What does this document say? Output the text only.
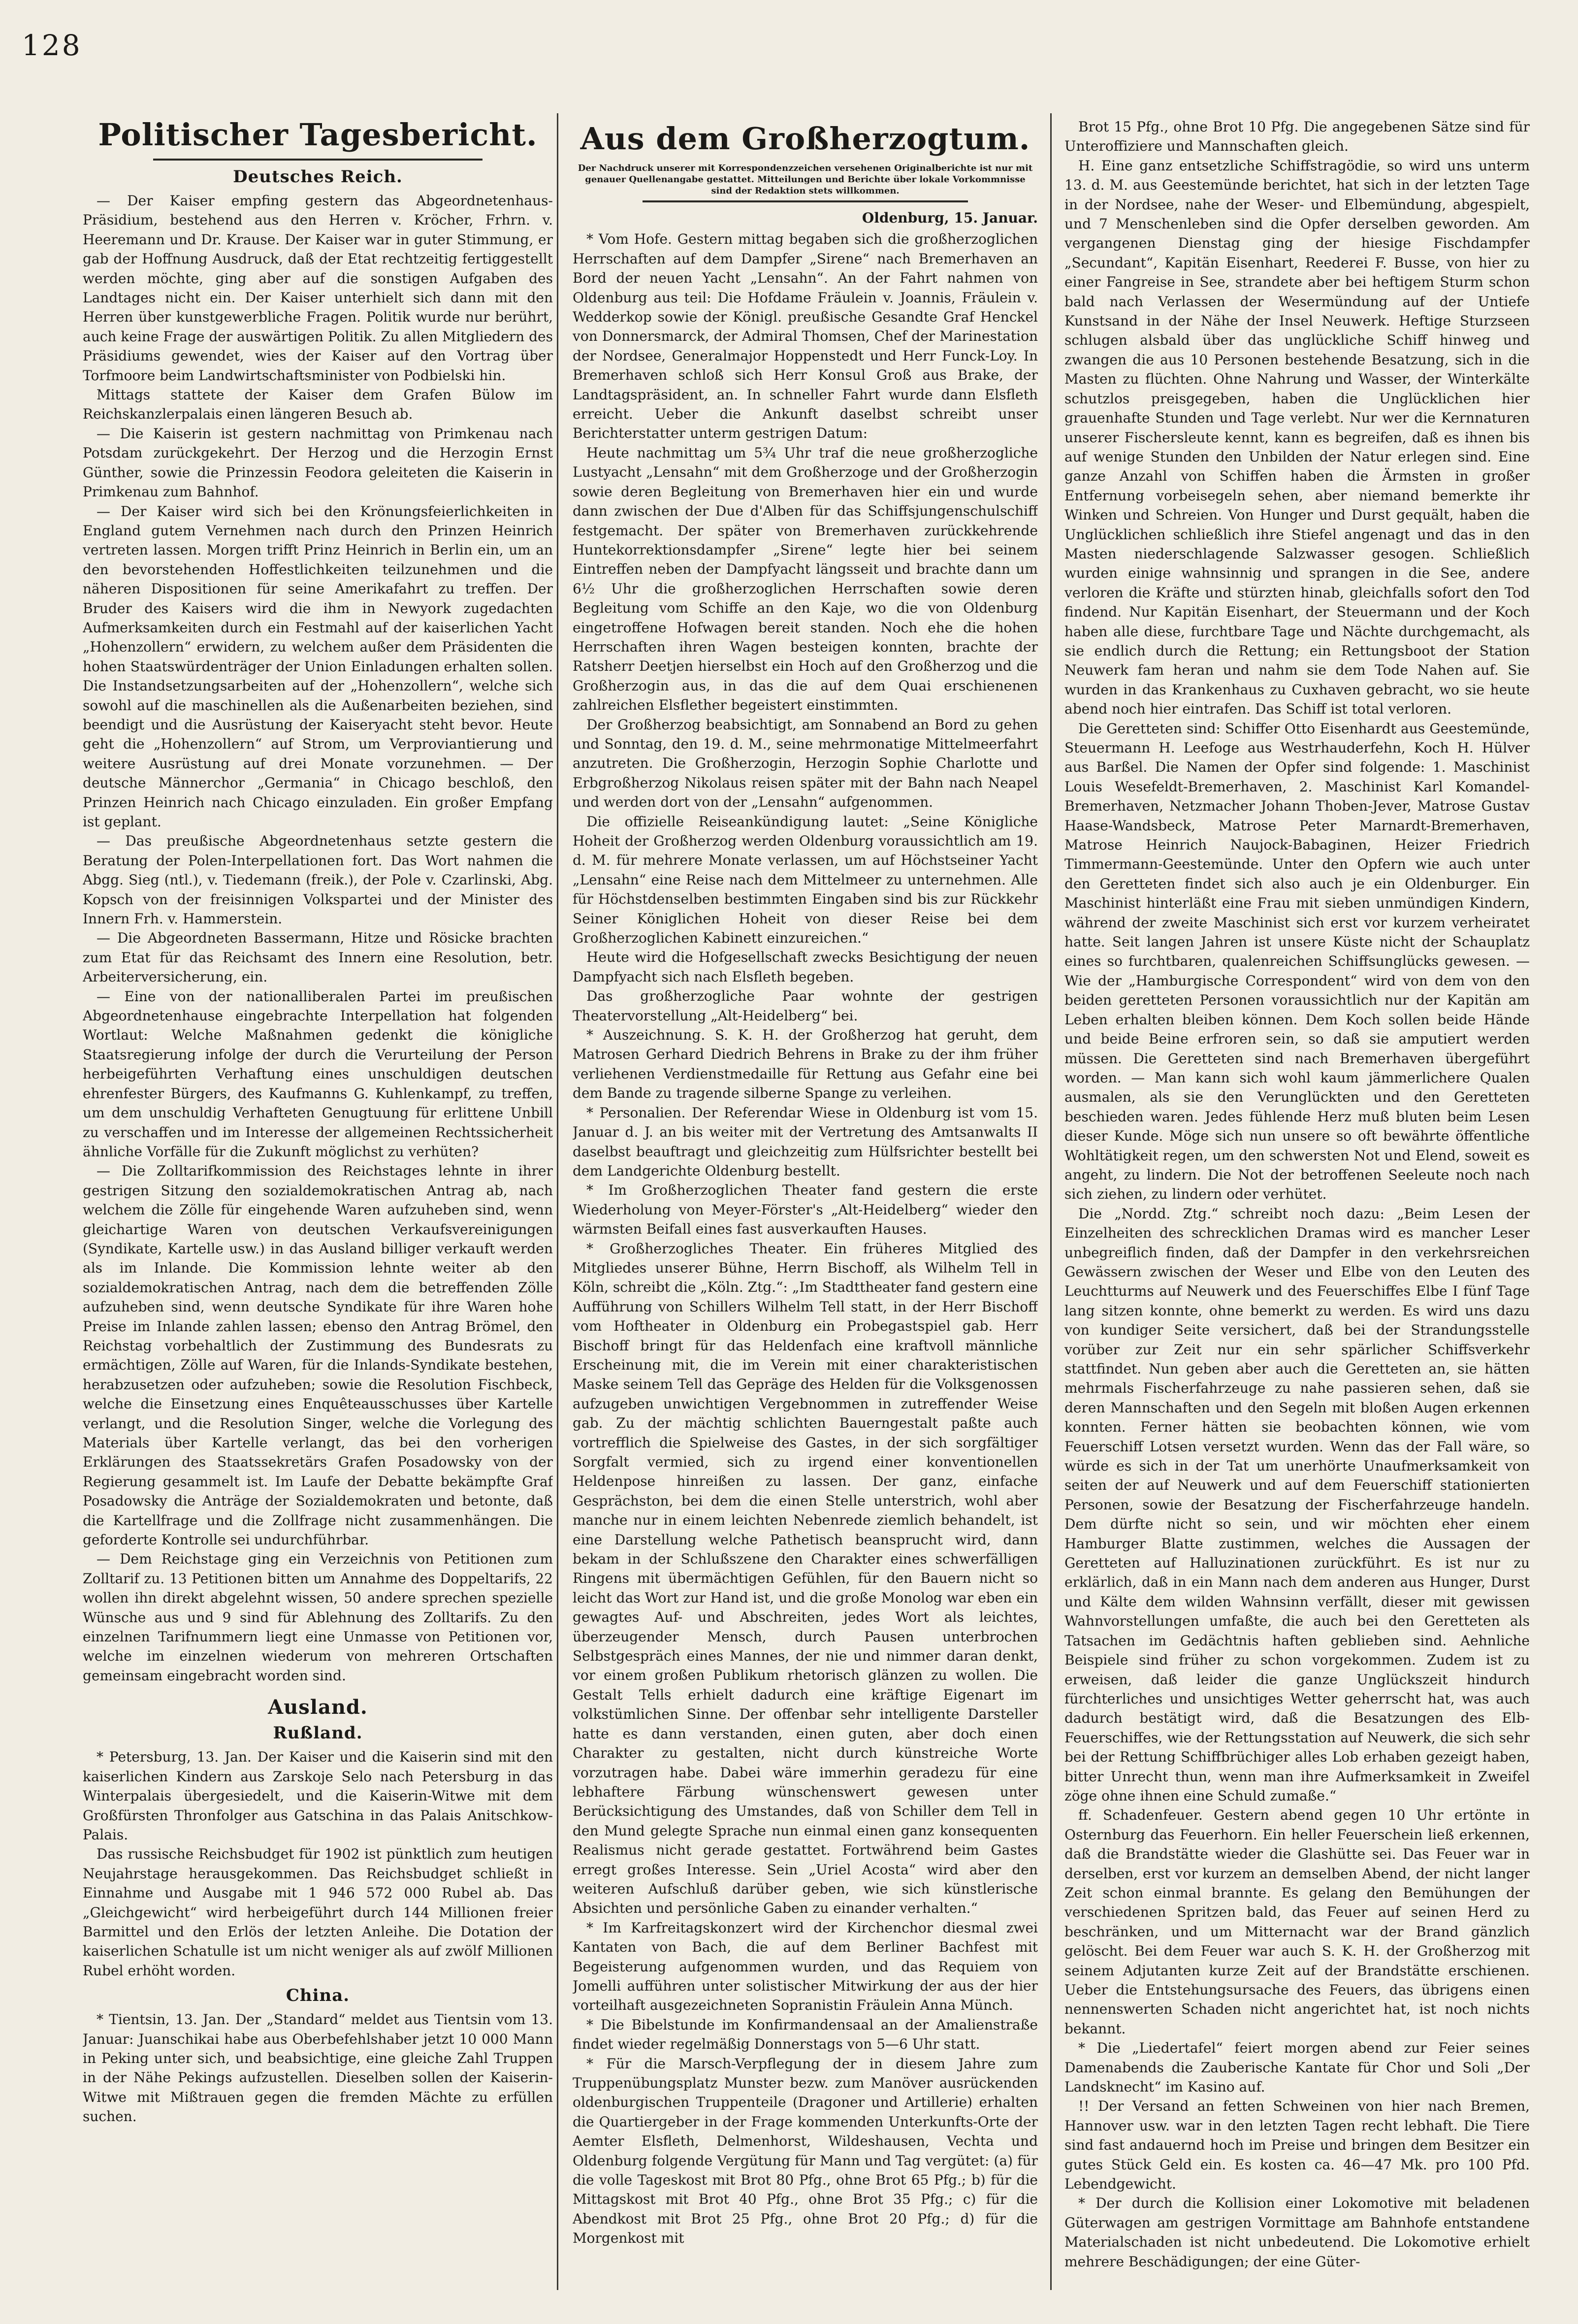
128
Politischer Tagesbericht.
Deutsches Reich.

— Der Kaiser empfing gestern das Abgeordnetenhaus-Präsidium, bestehend aus den Herren v. Kröcher, Frhrn. v. Heeremann und Dr. Krause. Der Kaiser war in guter Stimmung, er gab der Hoffnung Ausdruck, daß der Etat rechtzeitig fertiggestellt werden möchte, ging aber auf die sonstigen Aufgaben des Landtages nicht ein. Der Kaiser unterhielt sich dann mit den Herren über kunstgewerbliche Fragen. Politik wurde nur berührt, auch keine Frage der auswärtigen Politik. Zu allen Mitgliedern des Präsidiums gewendet, wies der Kaiser auf den Vortrag über Torfmoore beim Landwirtschaftsminister von Podbielski hin.

Mittags stattete der Kaiser dem Grafen Bülow im Reichskanzlerpalais einen längeren Besuch ab.

— Die Kaiserin ist gestern nachmittag von Primkenau nach Potsdam zurückgekehrt. Der Herzog und die Herzogin Ernst Günther, sowie die Prinzessin Feodora geleiteten die Kaiserin in Primkenau zum Bahnhof.

— Der Kaiser wird sich bei den Krönungsfeierlichkeiten in England gutem Vernehmen nach durch den Prinzen Heinrich vertreten lassen. Morgen trifft Prinz Heinrich in Berlin ein, um an den bevorstehenden Hoffestlichkeiten teilzunehmen und die näheren Dispositionen für seine Amerikafahrt zu treffen. Der Bruder des Kaisers wird die ihm in Newyork zugedachten Aufmerksamkeiten durch ein Festmahl auf der kaiserlichen Yacht „Hohenzollern“ erwidern, zu welchem außer dem Präsidenten die hohen Staatswürdenträger der Union Einladungen erhalten sollen. Die Instandsetzungsarbeiten auf der „Hohenzollern“, welche sich sowohl auf die maschinellen als die Außenarbeiten beziehen, sind beendigt und die Ausrüstung der Kaiseryacht steht bevor. Heute geht die „Hohenzollern“ auf Strom, um Verproviantierung und weitere Ausrüstung auf drei Monate vorzunehmen. — Der deutsche Männerchor „Germania“ in Chicago beschloß, den Prinzen Heinrich nach Chicago einzuladen. Ein großer Empfang ist geplant.

— Das preußische Abgeordnetenhaus setzte gestern die Beratung der Polen-Interpellationen fort. Das Wort nahmen die Abgg. Sieg (ntl.), v. Tiedemann (freik.), der Pole v. Czarlinski, Abg. Kopsch von der freisinnigen Volkspartei und der Minister des Innern Frh. v. Hammerstein.

— Die Abgeordneten Bassermann, Hitze und Rösicke brachten zum Etat für das Reichsamt des Innern eine Resolution, betr. Arbeiterversicherung, ein.

— Eine von der nationalliberalen Partei im preußischen Abgeordnetenhause eingebrachte Interpellation hat folgenden Wortlaut: Welche Maßnahmen gedenkt die königliche Staatsregierung infolge der durch die Verurteilung der Person herbeigeführten Verhaftung eines unschuldigen deutschen ehrenfester Bürgers, des Kaufmanns G. Kuhlenkampf, zu treffen, um dem unschuldig Verhafteten Genugtuung für erlittene Unbill zu verschaffen und im Interesse der allgemeinen Rechtssicherheit ähnliche Vorfälle für die Zukunft möglichst zu verhüten?

— Die Zolltarifkommission des Reichstages lehnte in ihrer gestrigen Sitzung den sozialdemokratischen Antrag ab, nach welchem die Zölle für eingehende Waren aufzuheben sind, wenn gleichartige Waren von deutschen Verkaufsvereinigungen (Syndikate, Kartelle usw.) in das Ausland billiger verkauft werden als im Inlande. Die Kommission lehnte weiter ab den sozialdemokratischen Antrag, nach dem die betreffenden Zölle aufzuheben sind, wenn deutsche Syndikate für ihre Waren hohe Preise im Inlande zahlen lassen; ebenso den Antrag Brömel, den Reichstag vorbehaltlich der Zustimmung des Bundesrats zu ermächtigen, Zölle auf Waren, für die Inlands-Syndikate bestehen, herabzusetzen oder aufzuheben; sowie die Resolution Fischbeck, welche die Einsetzung eines Enquêteausschusses über Kartelle verlangt, und die Resolution Singer, welche die Vorlegung des Materials über Kartelle verlangt, das bei den vorherigen Erklärungen des Staatssekretärs Grafen Posadowsky von der Regierung gesammelt ist. Im Laufe der Debatte bekämpfte Graf Posadowsky die Anträge der Sozialdemokraten und betonte, daß die Kartellfrage und die Zollfrage nicht zusammenhängen. Die geforderte Kontrolle sei undurchführbar.

— Dem Reichstage ging ein Verzeichnis von Petitionen zum Zolltarif zu. 13 Petitionen bitten um Annahme des Doppeltarifs, 22 wollen ihn direkt abgelehnt wissen, 50 andere sprechen spezielle Wünsche aus und 9 sind für Ablehnung des Zolltarifs. Zu den einzelnen Tarifnummern liegt eine Unmasse von Petitionen vor, welche im einzelnen wiederum von mehreren Ortschaften gemeinsam eingebracht worden sind.

Ausland.
Rußland.

* Petersburg, 13. Jan. Der Kaiser und die Kaiserin sind mit den kaiserlichen Kindern aus Zarskoje Selo nach Petersburg in das Winterpalais übergesiedelt, und die Kaiserin-Witwe mit dem Großfürsten Thronfolger aus Gatschina in das Palais Anitschkow-Palais.

Das russische Reichsbudget für 1902 ist pünktlich zum heutigen Neujahrstage herausgekommen. Das Reichsbudget schließt in Einnahme und Ausgabe mit 1 946 572 000 Rubel ab. Das „Gleichgewicht“ wird herbeigeführt durch 144 Millionen freier Barmittel und den Erlös der letzten Anleihe. Die Dotation der kaiserlichen Schatulle ist um nicht weniger als auf zwölf Millionen Rubel erhöht worden.

China.

* Tientsin, 13. Jan. Der „Standard“ meldet aus Tientsin vom 13. Januar: Juanschikai habe aus Oberbefehlshaber jetzt 10 000 Mann in Peking unter sich, und beabsichtige, eine gleiche Zahl Truppen in der Nähe Pekings aufzustellen. Dieselben sollen der Kaiserin-Witwe mit Mißtrauen gegen die fremden Mächte zu erfüllen suchen.

Aus dem Großherzogtum.
Der Nachdruck unserer mit Korrespondenzzeichen versehenen Originalberichte ist nur mit genauer Quellenangabe gestattet. Mitteilungen und Berichte über lokale Vorkommnisse sind der Redaktion stets willkommen.
Oldenburg, 15. Januar.

* Vom Hofe. Gestern mittag begaben sich die großherzoglichen Herrschaften auf dem Dampfer „Sirene“ nach Bremerhaven an Bord der neuen Yacht „Lensahn“. An der Fahrt nahmen von Oldenburg aus teil: Die Hofdame Fräulein v. Joannis, Fräulein v. Wedderkop sowie der Königl. preußische Gesandte Graf Henckel von Donnersmarck, der Admiral Thomsen, Chef der Marinestation der Nordsee, Generalmajor Hoppenstedt und Herr Funck-Loy. In Bremerhaven schloß sich Herr Konsul Groß aus Brake, der Landtagspräsident, an. In schneller Fahrt wurde dann Elsfleth erreicht. Ueber die Ankunft daselbst schreibt unser Berichterstatter unterm gestrigen Datum:

Heute nachmittag um 5¾ Uhr traf die neue großherzogliche Lustyacht „Lensahn“ mit dem Großherzoge und der Großherzogin sowie deren Begleitung von Bremerhaven hier ein und wurde dann zwischen der Due d'Alben für das Schiffsjungenschulschiff festgemacht. Der später von Bremerhaven zurückkehrende Huntekorrektionsdampfer „Sirene“ legte hier bei seinem Eintreffen neben der Dampfyacht längsseit und brachte dann um 6½ Uhr die großherzoglichen Herrschaften sowie deren Begleitung vom Schiffe an den Kaje, wo die von Oldenburg eingetroffene Hofwagen bereit standen. Noch ehe die hohen Herrschaften ihren Wagen besteigen konnten, brachte der Ratsherr Deetjen hierselbst ein Hoch auf den Großherzog und die Großherzogin aus, in das die auf dem Quai erschienenen zahlreichen Elsflether begeistert einstimmten.

Der Großherzog beabsichtigt, am Sonnabend an Bord zu gehen und Sonntag, den 19. d. M., seine mehrmonatige Mittelmeerfahrt anzutreten. Die Großherzogin, Herzogin Sophie Charlotte und Erbgroßherzog Nikolaus reisen später mit der Bahn nach Neapel und werden dort von der „Lensahn“ aufgenommen.

Die offizielle Reiseankündigung lautet: „Seine Königliche Hoheit der Großherzog werden Oldenburg voraussichtlich am 19. d. M. für mehrere Monate verlassen, um auf Höchstseiner Yacht „Lensahn“ eine Reise nach dem Mittelmeer zu unternehmen. Alle für Höchstdenselben bestimmten Eingaben sind bis zur Rückkehr Seiner Königlichen Hoheit von dieser Reise bei dem Großherzoglichen Kabinett einzureichen.“

Heute wird die Hofgesellschaft zwecks Besichtigung der neuen Dampfyacht sich nach Elsfleth begeben.

Das großherzogliche Paar wohnte der gestrigen Theatervorstellung „Alt-Heidelberg“ bei.

* Auszeichnung. S. K. H. der Großherzog hat geruht, dem Matrosen Gerhard Diedrich Behrens in Brake zu der ihm früher verliehenen Verdienstmedaille für Rettung aus Gefahr eine bei dem Bande zu tragende silberne Spange zu verleihen.

* Personalien. Der Referendar Wiese in Oldenburg ist vom 15. Januar d. J. an bis weiter mit der Vertretung des Amtsanwalts II daselbst beauftragt und gleichzeitig zum Hülfsrichter bestellt bei dem Landgerichte Oldenburg bestellt.

* Im Großherzoglichen Theater fand gestern die erste Wiederholung von Meyer-Förster's „Alt-Heidelberg“ wieder den wärmsten Beifall eines fast ausverkauften Hauses.

* Großherzogliches Theater. Ein früheres Mitglied des Mitgliedes unserer Bühne, Herrn Bischoff, als Wilhelm Tell in Köln, schreibt die „Köln. Ztg.“: „Im Stadttheater fand gestern eine Aufführung von Schillers Wilhelm Tell statt, in der Herr Bischoff vom Hoftheater in Oldenburg ein Probegastspiel gab. Herr Bischoff bringt für das Heldenfach eine kraftvoll männliche Erscheinung mit, die im Verein mit einer charakteristischen Maske seinem Tell das Gepräge des Helden für die Volksgenossen aufzugeben unwichtigen Vergebnommen in zutreffender Weise gab. Zu der mächtig schlichten Bauerngestalt paßte auch vortrefflich die Spielweise des Gastes, in der sich sorgfältiger Sorgfalt vermied, sich zu irgend einer konventionellen Heldenpose hinreißen zu lassen. Der ganz, einfache Gesprächston, bei dem die einen Stelle unterstrich, wohl aber manche nur in einem leichten Nebenrede ziemlich behandelt, ist eine Darstellung welche Pathetisch beansprucht wird, dann bekam in der Schlußszene den Charakter eines schwerfälligen Ringens mit übermächtigen Gefühlen, für den Bauern nicht so leicht das Wort zur Hand ist, und die große Monolog war eben ein gewagtes Auf- und Abschreiten, jedes Wort als leichtes, überzeugender Mensch, durch Pausen unterbrochen Selbstgespräch eines Mannes, der nie und nimmer daran denkt, vor einem großen Publikum rhetorisch glänzen zu wollen. Die Gestalt Tells erhielt dadurch eine kräftige Eigenart im volkstümlichen Sinne. Der offenbar sehr intelligente Darsteller hatte es dann verstanden, einen guten, aber doch einen Charakter zu gestalten, nicht durch künstreiche Worte vorzutragen habe. Dabei wäre immerhin geradezu für eine lebhaftere Färbung wünschenswert gewesen unter Berücksichtigung des Umstandes, daß von Schiller dem Tell in den Mund gelegte Sprache nun einmal einen ganz konsequenten Realismus nicht gerade gestattet. Fortwährend beim Gastes erregt großes Interesse. Sein „Uriel Acosta“ wird aber den weiteren Aufschluß darüber geben, wie sich künstlerische Absichten und persönliche Gaben zu einander verhalten.“

* Im Karfreitagskonzert wird der Kirchenchor diesmal zwei Kantaten von Bach, die auf dem Berliner Bachfest mit Begeisterung aufgenommen wurden, und das Requiem von Jomelli aufführen unter solistischer Mitwirkung der aus der hier vorteilhaft ausgezeichneten Sopranistin Fräulein Anna Münch.

* Die Bibelstunde im Konfirmandensaal an der Amalienstraße findet wieder regelmäßig Donnerstags von 5—6 Uhr statt.

* Für die Marsch-Verpflegung der in diesem Jahre zum Truppenübungsplatz Munster bezw. zum Manöver ausrückenden oldenburgischen Truppenteile (Dragoner und Artillerie) erhalten die Quartiergeber in der Frage kommenden Unterkunfts-Orte der Aemter Elsfleth, Delmenhorst, Wildeshausen, Vechta und Oldenburg folgende Vergütung für Mann und Tag vergütet: (a) für die volle Tageskost mit Brot 80 Pfg., ohne Brot 65 Pfg.; b) für die Mittagskost mit Brot 40 Pfg., ohne Brot 35 Pfg.; c) für die Abendkost mit Brot 25 Pfg., ohne Brot 20 Pfg.; d) für die Morgenkost mit

Brot 15 Pfg., ohne Brot 10 Pfg. Die angegebenen Sätze sind für Unteroffiziere und Mannschaften gleich.

H. Eine ganz entsetzliche Schiffstragödie, so wird uns unterm 13. d. M. aus Geestemünde berichtet, hat sich in der letzten Tage in der Nordsee, nahe der Weser- und Elbemündung, abgespielt, und 7 Menschenleben sind die Opfer derselben geworden. Am vergangenen Dienstag ging der hiesige Fischdampfer „Secundant“, Kapitän Eisenhart, Reederei F. Busse, von hier zu einer Fangreise in See, strandete aber bei heftigem Sturm schon bald nach Verlassen der Wesermündung auf der Untiefe Kunstsand in der Nähe der Insel Neuwerk. Heftige Sturzseen schlugen alsbald über das unglückliche Schiff hinweg und zwangen die aus 10 Personen bestehende Besatzung, sich in die Masten zu flüchten. Ohne Nahrung und Wasser, der Winterkälte schutzlos preisgegeben, haben die Unglücklichen hier grauenhafte Stunden und Tage verlebt. Nur wer die Kernnaturen unserer Fischersleute kennt, kann es begreifen, daß es ihnen bis auf wenige Stunden den Unbilden der Natur erlegen sind. Eine ganze Anzahl von Schiffen haben die Ärmsten in großer Entfernung vorbeisegeln sehen, aber niemand bemerkte ihr Winken und Schreien. Von Hunger und Durst gequält, haben die Unglücklichen schließlich ihre Stiefel angenagt und das in den Masten niederschlagende Salzwasser gesogen. Schließlich wurden einige wahnsinnig und sprangen in die See, andere verloren die Kräfte und stürzten hinab, gleichfalls sofort den Tod findend. Nur Kapitän Eisenhart, der Steuermann und der Koch haben alle diese, furchtbare Tage und Nächte durchgemacht, als sie endlich durch die Rettung; ein Rettungsboot der Station Neuwerk fam heran und nahm sie dem Tode Nahen auf. Sie wurden in das Krankenhaus zu Cuxhaven gebracht, wo sie heute abend noch hier eintrafen. Das Schiff ist total verloren.

Die Geretteten sind: Schiffer Otto Eisenhardt aus Geestemünde, Steuermann H. Leefoge aus Westrhauderfehn, Koch H. Hülver aus Barßel. Die Namen der Opfer sind folgende: 1. Maschinist Louis Wesefeldt-Bremerhaven, 2. Maschinist Karl Komandel-Bremerhaven, Netzmacher Johann Thoben-Jever, Matrose Gustav Haase-Wandsbeck, Matrose Peter Marnardt-Bremerhaven, Matrose Heinrich Naujock-Babaginen, Heizer Friedrich Timmermann-Geestemünde. Unter den Opfern wie auch unter den Geretteten findet sich also auch je ein Oldenburger. Ein Maschinist hinterläßt eine Frau mit sieben unmündigen Kindern, während der zweite Maschinist sich erst vor kurzem verheiratet hatte. Seit langen Jahren ist unsere Küste nicht der Schauplatz eines so furchtbaren, qualenreichen Schiffsunglücks gewesen. — Wie der „Hamburgische Correspondent“ wird von dem von den beiden geretteten Personen voraussichtlich nur der Kapitän am Leben erhalten bleiben können. Dem Koch sollen beide Hände und beide Beine erfroren sein, so daß sie amputiert werden müssen. Die Geretteten sind nach Bremerhaven übergeführt worden. — Man kann sich wohl kaum jämmerlichere Qualen ausmalen, als sie den Verunglückten und den Geretteten beschieden waren. Jedes fühlende Herz muß bluten beim Lesen dieser Kunde. Möge sich nun unsere so oft bewährte öffentliche Wohltätigkeit regen, um den schwersten Not und Elend, soweit es angeht, zu lindern. Die Not der betroffenen Seeleute noch nach sich ziehen, zu lindern oder verhütet.

Die „Nordd. Ztg.“ schreibt noch dazu: „Beim Lesen der Einzelheiten des schrecklichen Dramas wird es mancher Leser unbegreiflich finden, daß der Dampfer in den verkehrsreichen Gewässern zwischen der Weser und Elbe von den Leuten des Leuchtturms auf Neuwerk und des Feuerschiffes Elbe I fünf Tage lang sitzen konnte, ohne bemerkt zu werden. Es wird uns dazu von kundiger Seite versichert, daß bei der Strandungsstelle vorüber zur Zeit nur ein sehr spärlicher Schiffsverkehr stattfindet. Nun geben aber auch die Geretteten an, sie hätten mehrmals Fischerfahrzeuge zu nahe passieren sehen, daß sie deren Mannschaften und den Segeln mit bloßen Augen erkennen konnten. Ferner hätten sie beobachten können, wie vom Feuerschiff Lotsen versetzt wurden. Wenn das der Fall wäre, so würde es sich in der Tat um unerhörte Unaufmerksamkeit von seiten der auf Neuwerk und auf dem Feuerschiff stationierten Personen, sowie der Besatzung der Fischerfahrzeuge handeln. Dem dürfte nicht so sein, und wir möchten eher einem Hamburger Blatte zustimmen, welches die Aussagen der Geretteten auf Halluzinationen zurückführt. Es ist nur zu erklärlich, daß in ein Mann nach dem anderen aus Hunger, Durst und Kälte dem wilden Wahnsinn verfällt, dieser mit gewissen Wahnvorstellungen umfaßte, die auch bei den Geretteten als Tatsachen im Gedächtnis haften geblieben sind. Aehnliche Beispiele sind früher zu schon vorgekommen. Zudem ist zu erweisen, daß leider die ganze Unglückszeit hindurch fürchterliches und unsichtiges Wetter geherrscht hat, was auch dadurch bestätigt wird, daß die Besatzungen des Elb-Feuerschiffes, wie der Rettungsstation auf Neuwerk, die sich sehr bei der Rettung Schiffbrüchiger alles Lob erhaben gezeigt haben, bitter Unrecht thun, wenn man ihre Aufmerksamkeit in Zweifel zöge ohne ihnen eine Schuld zumaße.“

ff. Schadenfeuer. Gestern abend gegen 10 Uhr ertönte in Osternburg das Feuerhorn. Ein heller Feuerschein ließ erkennen, daß die Brandstätte wieder die Glashütte sei. Das Feuer war in derselben, erst vor kurzem an demselben Abend, der nicht langer Zeit schon einmal brannte. Es gelang den Bemühungen der verschiedenen Spritzen bald, das Feuer auf seinen Herd zu beschränken, und um Mitternacht war der Brand gänzlich gelöscht. Bei dem Feuer war auch S. K. H. der Großherzog mit seinem Adjutanten kurze Zeit auf der Brandstätte erschienen. Ueber die Entstehungsursache des Feuers, das übrigens einen nennenswerten Schaden nicht angerichtet hat, ist noch nichts bekannt.

* Die „Liedertafel“ feiert morgen abend zur Feier seines Damenabends die Zauberische Kantate für Chor und Soli „Der Landsknecht“ im Kasino auf.

!! Der Versand an fetten Schweinen von hier nach Bremen, Hannover usw. war in den letzten Tagen recht lebhaft. Die Tiere sind fast andauernd hoch im Preise und bringen dem Besitzer ein gutes Stück Geld ein. Es kosten ca. 46—47 Mk. pro 100 Pfd. Lebendgewicht.

* Der durch die Kollision einer Lokomotive mit beladenen Güterwagen am gestrigen Vormittage am Bahnhofe entstandene Materialschaden ist nicht unbedeutend. Die Lokomotive erhielt mehrere Beschädigungen; der eine Güter-
